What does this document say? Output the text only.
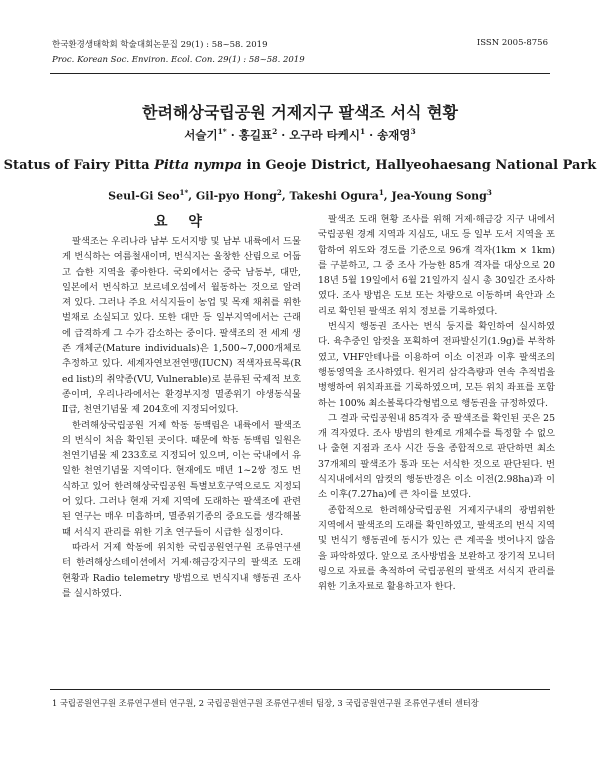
한국환경생태학회 학술대회논문집 29(1) : 58~58. 2019
Proc. Korean Soc. Environ. Ecol. Con. 29(1) : 58~58. 2019
ISSN 2005-8756
한려해상국립공원 거제지구 팔색조 서식 현황
서슬기$^{1*}$ · 홍길표$^2$ · 오구라 타케시$^1$ · 송재영$^3$
Status of Fairy Pitta Pitta nympa in Geoje District, Hallyeohaesang National Park
Seul-Gi Seo$^{1*}$, Gil-pyo Hong$^2$, Takeshi Ogura$^1$, Jea-Young Song$^3$
요 약

팔색조는 우리나라 남부 도서지방 및 남부 내륙에서 드물게 번식하는 여름철새이며, 번식지는 울창한 산림으로 어둡고 습한 지역을 좋아한다. 국외에서는 중국 남동부, 대만, 일본에서 번식하고 보르네오섬에서 월동하는 것으로 알려져 있다. 그러나 주요 서식지들이 농업 및 목재 채취를 위한 벌채로 소실되고 있다. 또한 대만 등 일부지역에서는 근래에 급격하게 그 수가 감소하는 중이다. 팔색조의 전 세계 생존 개체군(Mature individuals)은 1,500~7,000개체로 추정하고 있다. 세계자연보전연맹(IUCN) 적색자료목록(Red list)의 취약종(VU, Vulnerable)로 분류된 국제적 보호종이며, 우리나라에서는 환경부지정 멸종위기 야생동식물 Ⅱ급, 천연기념물 제 204호에 지정되어있다.

한려해상국립공원 거제 학동 동백림은 내륙에서 팔색조의 번식이 처음 확인된 곳이다. 때문에 학동 동백림 일원은 천연기념물 제 233호로 지정되어 있으며, 이는 국내에서 유일한 천연기념물 지역이다. 현재에도 매년 1~2쌍 정도 번식하고 있어 한려해상국립공원 특별보호구역으로도 지정되어 있다. 그러나 현재 거제 지역에 도래하는 팔색조에 관련된 연구는 매우 미흡하며, 멸종위기종의 중요도를 생각해볼 때 서식지 관리를 위한 기초 연구들이 시급한 실정이다.

따라서 거제 학동에 위치한 국립공원연구원 조류연구센터 한려해상스테이션에서 거제·해금강지구의 팔색조 도래현황과 Radio telemetry 방법으로 번식지내 행동권 조사를 실시하였다.

팔색조 도래 현황 조사를 위해 거제·해금강 지구 내에서 국립공원 경계 지역과 지심도, 내도 등 일부 도서 지역을 포함하여 위도와 경도를 기준으로 96개 격자(1km × 1km)를 구분하고, 그 중 조사 가능한 85개 격자를 대상으로 2018년 5월 19일에서 6월 21일까지 실시 총 30일간 조사하였다. 조사 방법은 도보 또는 차량으로 이동하며 육안과 소리로 확인된 팔색조 위치 정보를 기록하였다.

번식지 행동권 조사는 번식 둥지를 확인하여 실시하였다. 육추중인 암컷을 포획하여 전파발신기(1.9g)를 부착하였고, VHF안테나를 이용하여 이소 이전과 이후 팔색조의 행동영역을 조사하였다. 원거리 삼각측량과 연속 추적법을 병행하여 위치좌표를 기록하였으며, 모든 위치 좌표를 포함하는 100% 최소볼록다각형법으로 행동권을 규정하였다.

그 결과 국립공원내 85격자 중 팔색조를 확인된 곳은 25개 격자였다. 조사 방법의 한계로 개체수를 특정할 수 없으나 출현 지점과 조사 시간 등을 종합적으로 판단하면 최소 37개체의 팔색조가 통과 또는 서식한 것으로 판단된다. 번식지내에서의 암컷의 행동반경은 이소 이전(2.98ha)과 이소 이후(7.27ha)에 큰 차이를 보였다.

종합적으로 한려해상국립공원 거제지구내의 광범위한 지역에서 팔색조의 도래를 확인하였고, 팔색조의 번식 지역및 번식기 행동권에 동시가 있는 큰 계곡을 벗어나지 않음을 파악하였다. 앞으로 조사방법을 보완하고 장기적 모니터링으로 자료를 축적하여 국립공원의 팔색조 서식지 관리를 위한 기초자료로 활용하고자 한다.

1 국립공원연구원 조류연구센터 연구원, 2 국립공원연구원 조류연구센터 팀장, 3 국립공원연구원 조류연구센터 센터장
